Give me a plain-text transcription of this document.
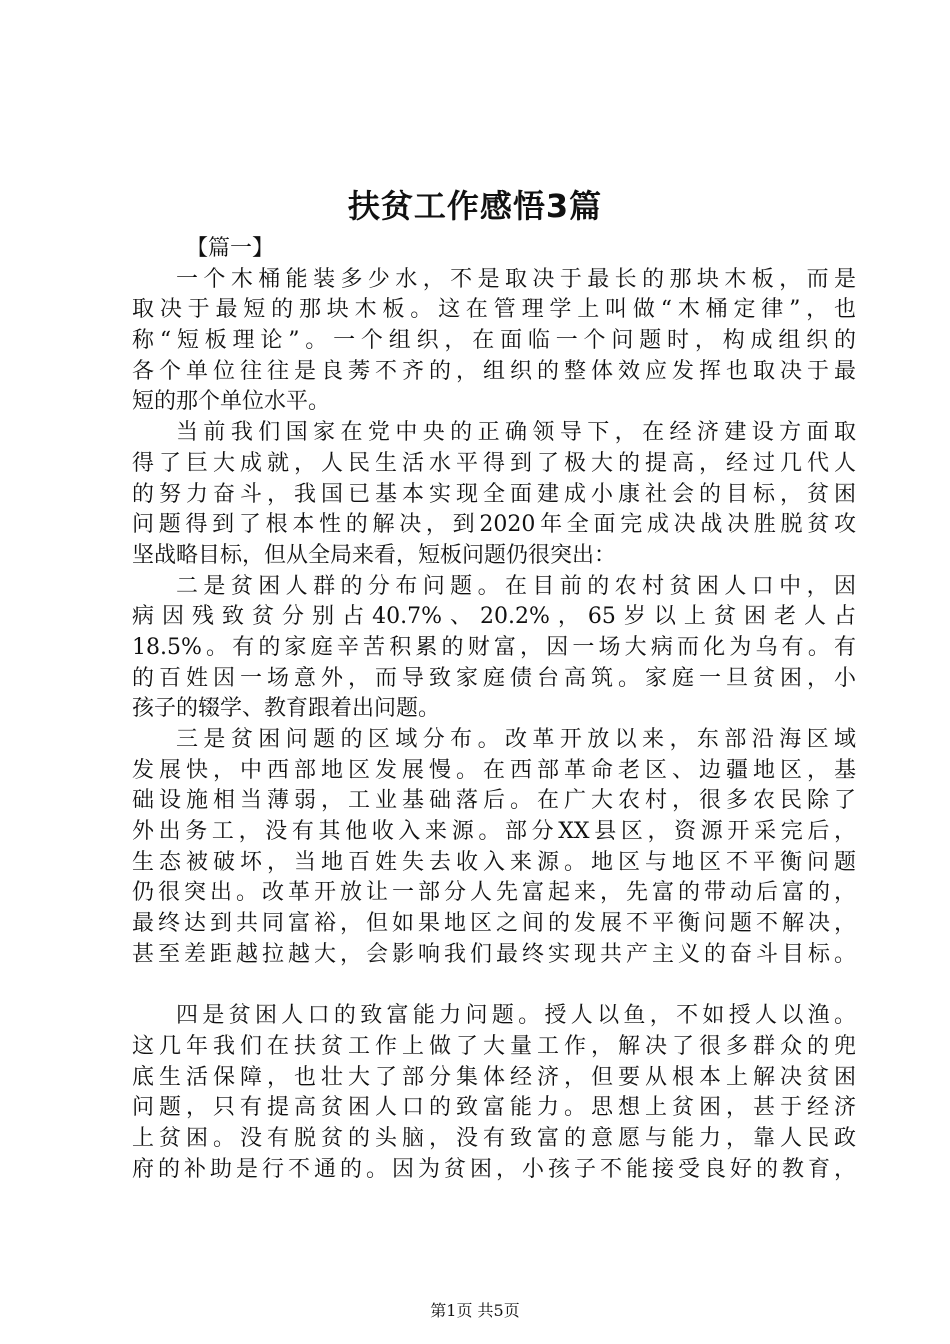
扶贫工作感悟3篇
【篇一】
一个木桶能装多少水，不是取决于最长的那块木板，而是
取决于最短的那块木板。这在管理学上叫做“木桶定律”，也
称“短板理论”。一个组织，在面临一个问题时，构成组织的
各个单位往往是良莠不齐的，组织的整体效应发挥也取决于最
短的那个单位水平。
当前我们国家在党中央的正确领导下，在经济建设方面取
得了巨大成就，人民生活水平得到了极大的提高，经过几代人
的努力奋斗，我国已基本实现全面建成小康社会的目标，贫困
问题得到了根本性的解决，到2020年全面完成决战决胜脱贫攻
坚战略目标，但从全局来看，短板问题仍很突出：
二是贫困人群的分布问题。在目前的农村贫困人口中，因
病因残致贫分别占40.7%、20.2%，65岁以上贫困老人占
18.5%。有的家庭辛苦积累的财富，因一场大病而化为乌有。有
的百姓因一场意外，而导致家庭债台高筑。家庭一旦贫困，小
孩子的辍学、教育跟着出问题。
三是贫困问题的区域分布。改革开放以来，东部沿海区域
发展快，中西部地区发展慢。在西部革命老区、边疆地区，基
础设施相当薄弱，工业基础落后。在广大农村，很多农民除了
外出务工，没有其他收入来源。部分XX县区，资源开采完后，
生态被破坏，当地百姓失去收入来源。地区与地区不平衡问题
仍很突出。改革开放让一部分人先富起来，先富的带动后富的，
最终达到共同富裕，但如果地区之间的发展不平衡问题不解决，
甚至差距越拉越大，会影响我们最终实现共产主义的奋斗目标。
四是贫困人口的致富能力问题。授人以鱼，不如授人以渔。
这几年我们在扶贫工作上做了大量工作，解决了很多群众的兜
底生活保障，也壮大了部分集体经济，但要从根本上解决贫困
问题，只有提高贫困人口的致富能力。思想上贫困，甚于经济
上贫困。没有脱贫的头脑，没有致富的意愿与能力，靠人民政
府的补助是行不通的。因为贫困，小孩子不能接受良好的教育，
第1页 共5页
